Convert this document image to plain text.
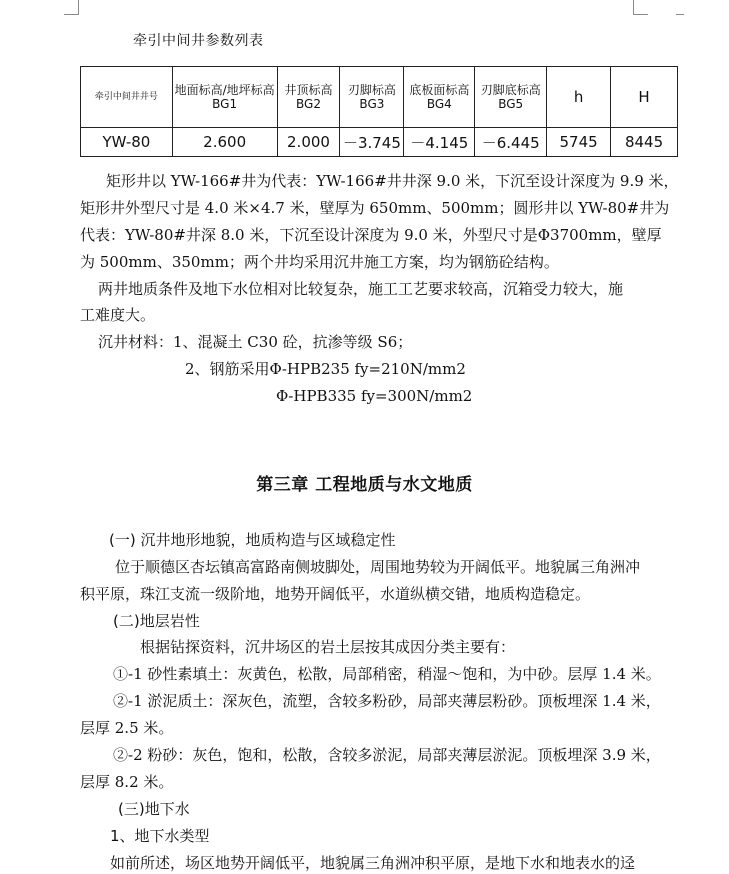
牵引中间井参数列表
牵引中间井井号	地面标高/地坪标高BG1	井顶标高BG2	刃脚标高BG3	底板面标高BG4	刃脚底标高BG5	h	H
YW-80	2.600	2.000	－3.745	－4.145	－6.445	5745	8445
矩形井以 YW-166#井为代表：YW-166#井井深 9.0 米，下沉至设计深度为 9.9 米，
矩形井外型尺寸是 4.0 米×4.7 米，壁厚为 650mm、500mm；圆形井以 YW-80#井为
代表：YW-80#井深 8.0 米，下沉至设计深度为 9.0 米，外型尺寸是Φ3700mm，壁厚
为 500mm、350mm；两个井均采用沉井施工方案，均为钢筋砼结构。
两井地质条件及地下水位相对比较复杂，施工工艺要求较高，沉箱受力较大，施
工难度大。
沉井材料：1、混凝土 C30 砼，抗渗等级 S6；
2、钢筋采用Φ-HPB235 fy=210N/mm2
Φ-HPB335 fy=300N/mm2
第三章 工程地质与水文地质
(一) 沉井地形地貌，地质构造与区域稳定性
位于顺德区杏坛镇高富路南侧坡脚处，周围地势较为开阔低平。地貌属三角洲冲
积平原，珠江支流一级阶地，地势开阔低平，水道纵横交错，地质构造稳定。
(二)地层岩性
根据钻探资料，沉井场区的岩土层按其成因分类主要有：
①-1 砂性素填土：灰黄色，松散，局部稍密，稍湿～饱和，为中砂。层厚 1.4 米。
②-1 淤泥质土：深灰色，流塑，含较多粉砂，局部夹薄层粉砂。顶板埋深 1.4 米，
层厚 2.5 米。
②-2 粉砂：灰色，饱和，松散，含较多淤泥，局部夹薄层淤泥。顶板埋深 3.9 米，
层厚 8.2 米。
(三)地下水
1、地下水类型
如前所述，场区地势开阔低平，地貌属三角洲冲积平原，是地下水和地表水的迳
